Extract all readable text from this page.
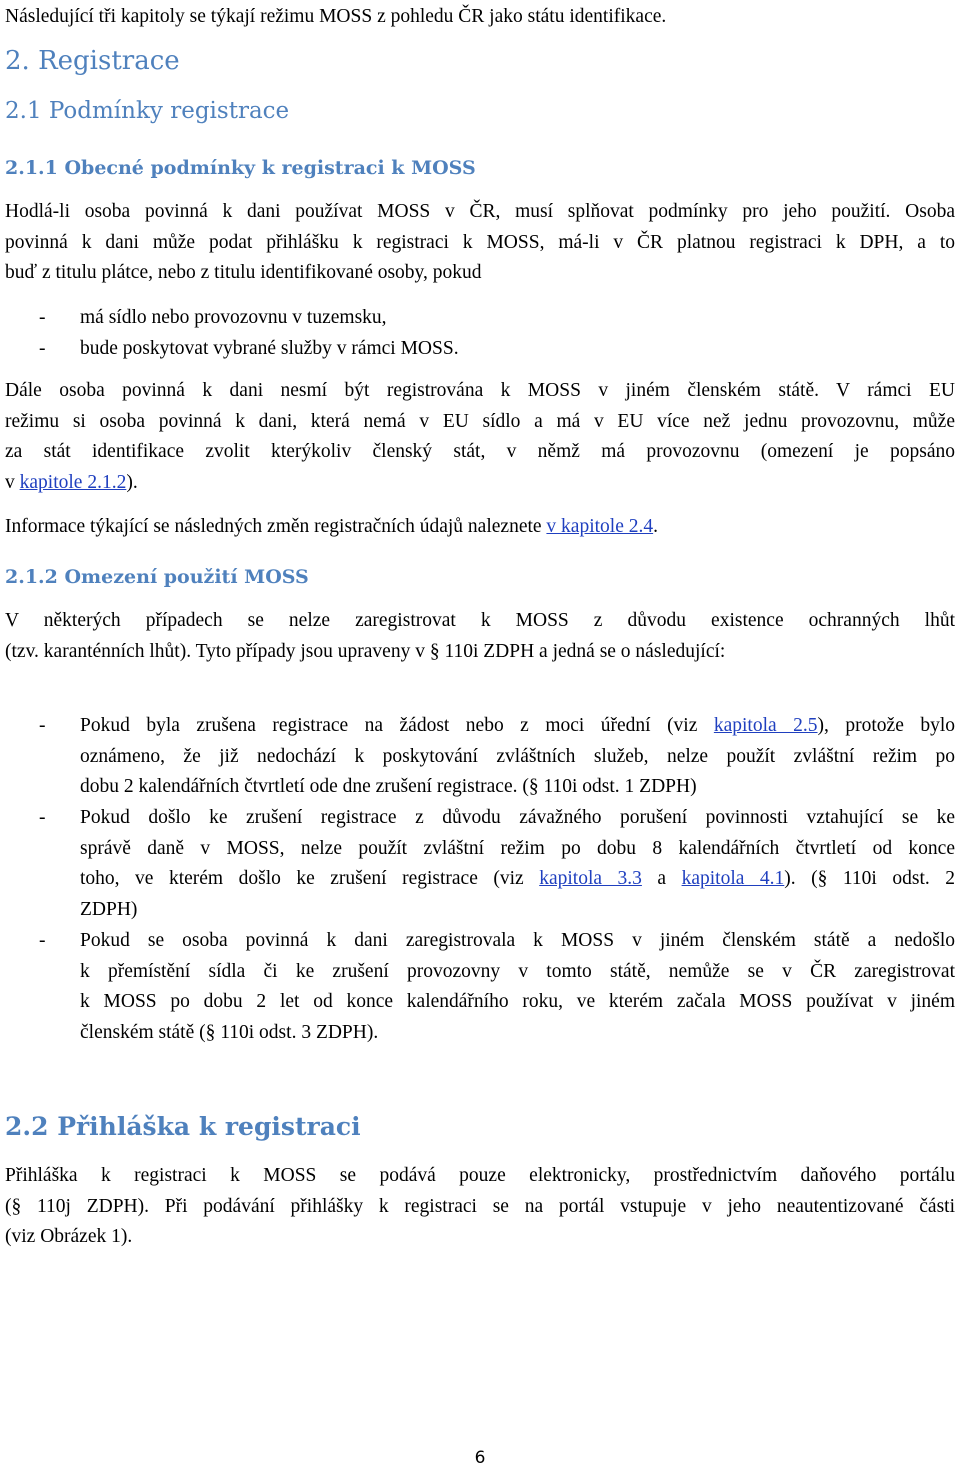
Následující tři kapitoly se týkají režimu MOSS z pohledu ČR jako státu identifikace.
2. Registrace
2.1 Podmínky registrace
2.1.1 Obecné podmínky k registraci k MOSS
Hodlá-li osoba povinná k dani používat MOSS v ČR, musí splňovat podmínky pro jeho použití. Osoba
povinná k dani může podat přihlášku k registraci k MOSS, má-li v ČR platnou registraci k DPH, a to
buď z titulu plátce, nebo z titulu identifikované osoby, pokud
- má sídlo nebo provozovnu v tuzemsku,
- bude poskytovat vybrané služby v rámci MOSS.
Dále osoba povinná k dani nesmí být registrována k MOSS v jiném členském státě. V rámci EU
režimu si osoba povinná k dani, která nemá v EU sídlo a má v EU více než jednu provozovnu, může
za stát identifikace zvolit kterýkoliv členský stát, v němž má provozovnu (omezení je popsáno
v kapitole 2.1.2).
Informace týkající se následných změn registračních údajů naleznete v kapitole 2.4.
2.1.2 Omezení použití MOSS
V některých případech se nelze zaregistrovat k MOSS z důvodu existence ochranných lhůt
(tzv. karanténních lhůt). Tyto případy jsou upraveny v § 110i ZDPH a jedná se o následující:
- Pokud byla zrušena registrace na žádost nebo z moci úřední (viz kapitola 2.5), protože bylo
oznámeno, že již nedochází k poskytování zvláštních služeb, nelze použít zvláštní režim po
dobu 2 kalendářních čtvrtletí ode dne zrušení registrace. (§ 110i odst. 1 ZDPH)
- Pokud došlo ke zrušení registrace z důvodu závažného porušení povinnosti vztahující se ke
správě daně v MOSS, nelze použít zvláštní režim po dobu 8 kalendářních čtvrtletí od konce
toho, ve kterém došlo ke zrušení registrace (viz kapitola 3.3 a kapitola 4.1). (§ 110i odst. 2
ZDPH)
- Pokud se osoba povinná k dani zaregistrovala k MOSS v jiném členském státě a nedošlo
k přemístění sídla či ke zrušení provozovny v tomto státě, nemůže se v ČR zaregistrovat
k MOSS po dobu 2 let od konce kalendářního roku, ve kterém začala MOSS používat v jiném
členském státě (§ 110i odst. 3 ZDPH).
2.2 Přihláška k registraci
Přihláška k registraci k MOSS se podává pouze elektronicky, prostřednictvím daňového portálu
(§ 110j ZDPH). Při podávání přihlášky k registraci se na portál vstupuje v jeho neautentizované části
(viz Obrázek 1).
6
